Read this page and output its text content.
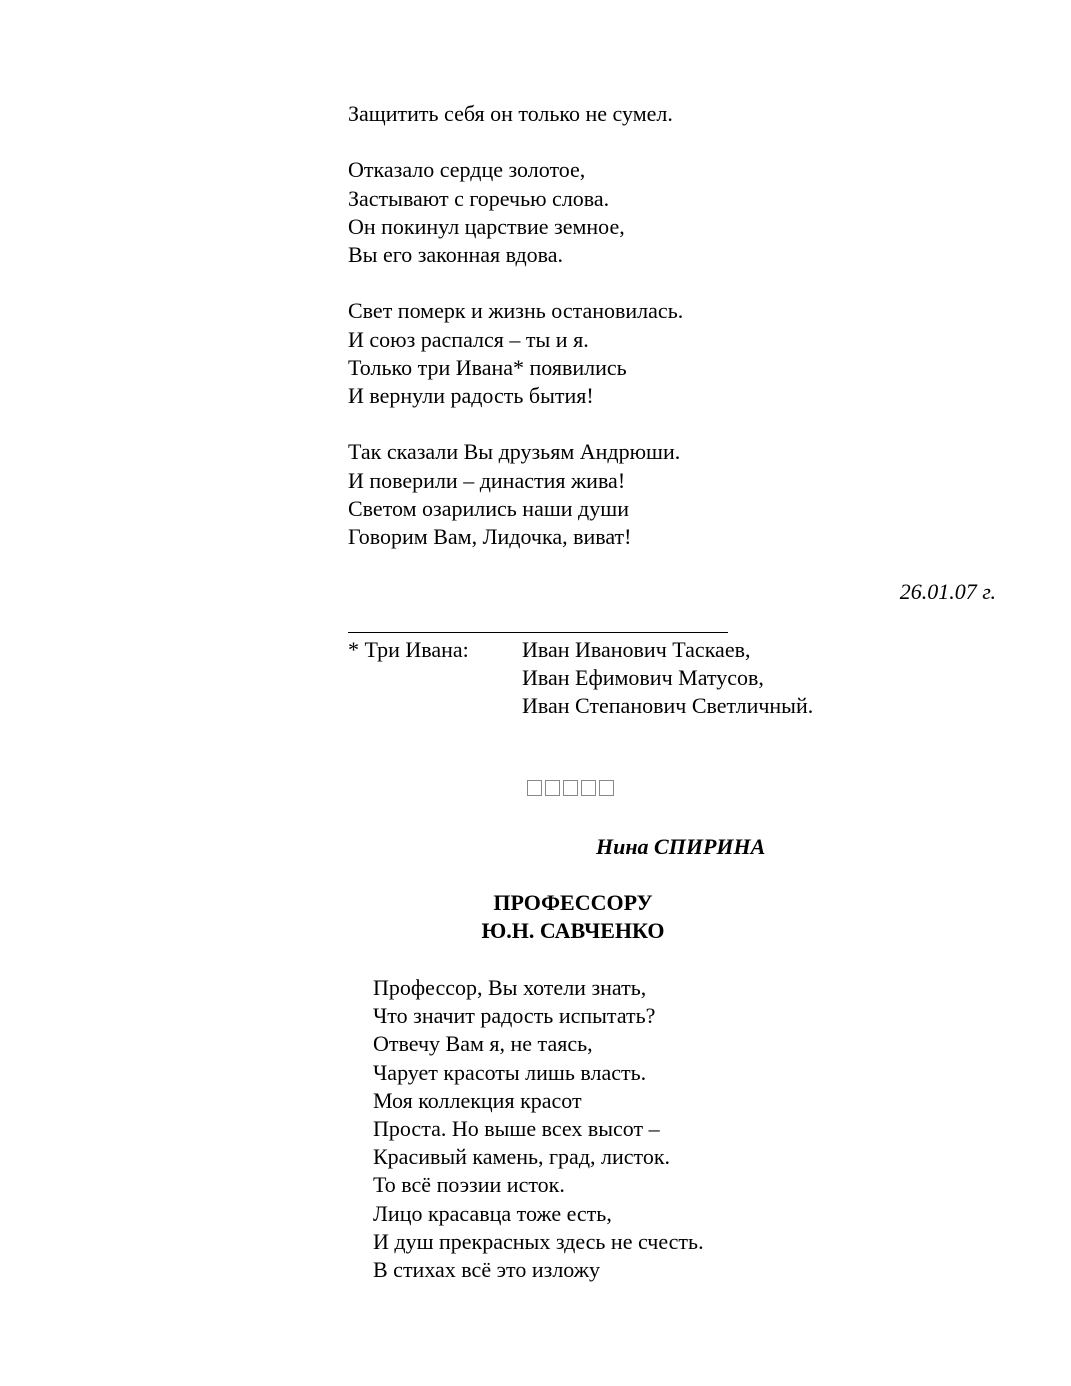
Защитить себя он только не сумел.
Отказало сердце золотое,
Застывают с горечью слова.
Он покинул царствие земное,
Вы его законная вдова.
Свет померк и жизнь остановилась.
И союз распался – ты и я.
Только три Ивана* появились
И вернули радость бытия!
Так сказали Вы друзьям Андрюши.
И поверили – династия жива!
Светом озарились наши души
Говорим Вам, Лидочка, виват!
26.01.07 г.
* Три Ивана: Иван Иванович Таскаев,
Иван Ефимович Матусов,
Иван Степанович Светличный.
Нина СПИРИНА
ПРОФЕССОРУ
Ю.Н. САВЧЕНКО
Профессор, Вы хотели знать,
Что значит радость испытать?
Отвечу Вам я, не таясь,
Чарует красоты лишь власть.
Моя коллекция красот
Проста. Но выше всех высот –
Красивый камень, град, листок.
То всё поэзии исток.
Лицо красавца тоже есть,
И душ прекрасных здесь не счесть.
В стихах всё это изложу
